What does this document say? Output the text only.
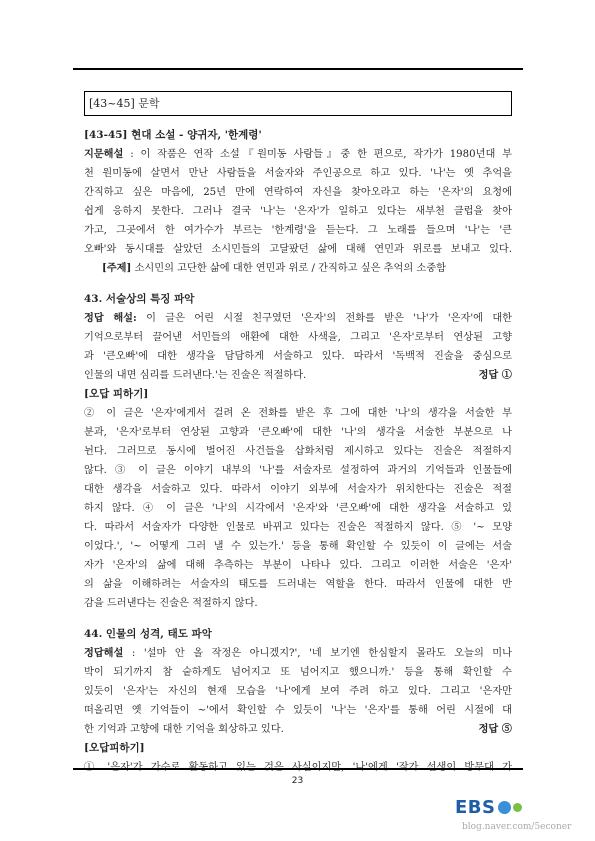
[43~45] 문학
[43-45] 현대 소설 - 양귀자, '한계령'
지문해설 : 이 작품은 연작 소설『원미동 사람들』중 한 편으로, 작가가 1980년대 부
천 원미동에 살면서 만난 사람들을 서술자와 주인공으로 하고 있다. '나'는 옛 추억을
간직하고 싶은 마음에, 25년 만에 연락하여 자신을 찾아오라고 하는 '은자'의 요청에
쉽게 응하지 못한다. 그러나 결국 '나'는 '은자'가 일하고 있다는 새부천 클럽을 찾아
가고, 그곳에서 한 여가수가 부르는 '한계령'을 듣는다. 그 노래를 들으며 '나'는 '큰
오빠'와 동시대를 살았던 소시민들의 고달팠던 삶에 대해 연민과 위로를 보내고 있다.
[주제] 소시민의 고단한 삶에 대한 연민과 위로 / 간직하고 싶은 추억의 소중함
43. 서술상의 특징 파악
정답 해설: 이 글은 어린 시절 친구였던 '은자'의 전화를 받은 '나'가 '은자'에 대한
기억으로부터 끌어낸 서민들의 애환에 대한 사색을, 그리고 '은자'로부터 연상된 고향
과 '큰오빠'에 대한 생각을 담담하게 서술하고 있다. 따라서 '독백적 진술을 중심으로
인물의 내면 심리를 드러낸다.'는 진술은 적절하다.	정답 ①
[오답 피하기]
② 이 글은 '은자'에게서 걸려 온 전화를 받은 후 그에 대한 '나'의 생각을 서술한 부
분과, '은자'로부터 연상된 고향과 '큰오빠'에 대한 '나'의 생각을 서술한 부분으로 나
뉜다. 그러므로 동시에 벌어진 사건들을 삽화처럼 제시하고 있다는 진술은 적절하지
않다. ③ 이 글은 이야기 내부의 '나'를 서술자로 설정하여 과거의 기억들과 인물들에
대한 생각을 서술하고 있다. 따라서 이야기 외부에 서술자가 위치한다는 진술은 적절
하지 않다. ④ 이 글은 '나'의 시각에서 '은자'와 '큰오빠'에 대한 생각을 서술하고 있
다. 따라서 서술자가 다양한 인물로 바뀌고 있다는 진술은 적절하지 않다. ⑤ '~ 모양
이었다.', '~ 어떻게 그러 낼 수 있는가.' 등을 통해 확인할 수 있듯이 이 글에는 서술
자가 '은자'의 삶에 대해 추측하는 부분이 나타나 있다. 그리고 이러한 서술은 '은자'
의 삶을 이해하려는 서술자의 태도를 드러내는 역할을 한다. 따라서 인물에 대한 반
감을 드러낸다는 진술은 적절하지 않다.
44. 인물의 성격, 태도 파악
정답해설 : '설마 안 올 작정은 아니겠지?', '네 보기엔 한심할지 몰라도 오늘의 미나
박이 되기까지 참 숱하게도 넘어지고 또 넘어지고 했으니까.' 등을 통해 확인할 수
있듯이 '은자'는 자신의 현재 모습을 '나'에게 보여 주려 하고 있다. 그리고 '은자만
떠올리면 옛 기억들이 ~'에서 확인할 수 있듯이 '나'는 '은자'를 통해 어린 시절에 대
한 기억과 고향에 대한 기억을 회상하고 있다.	정답 ⑤
[오답피하기]
23
EBS
blog.naver.com/5econer
